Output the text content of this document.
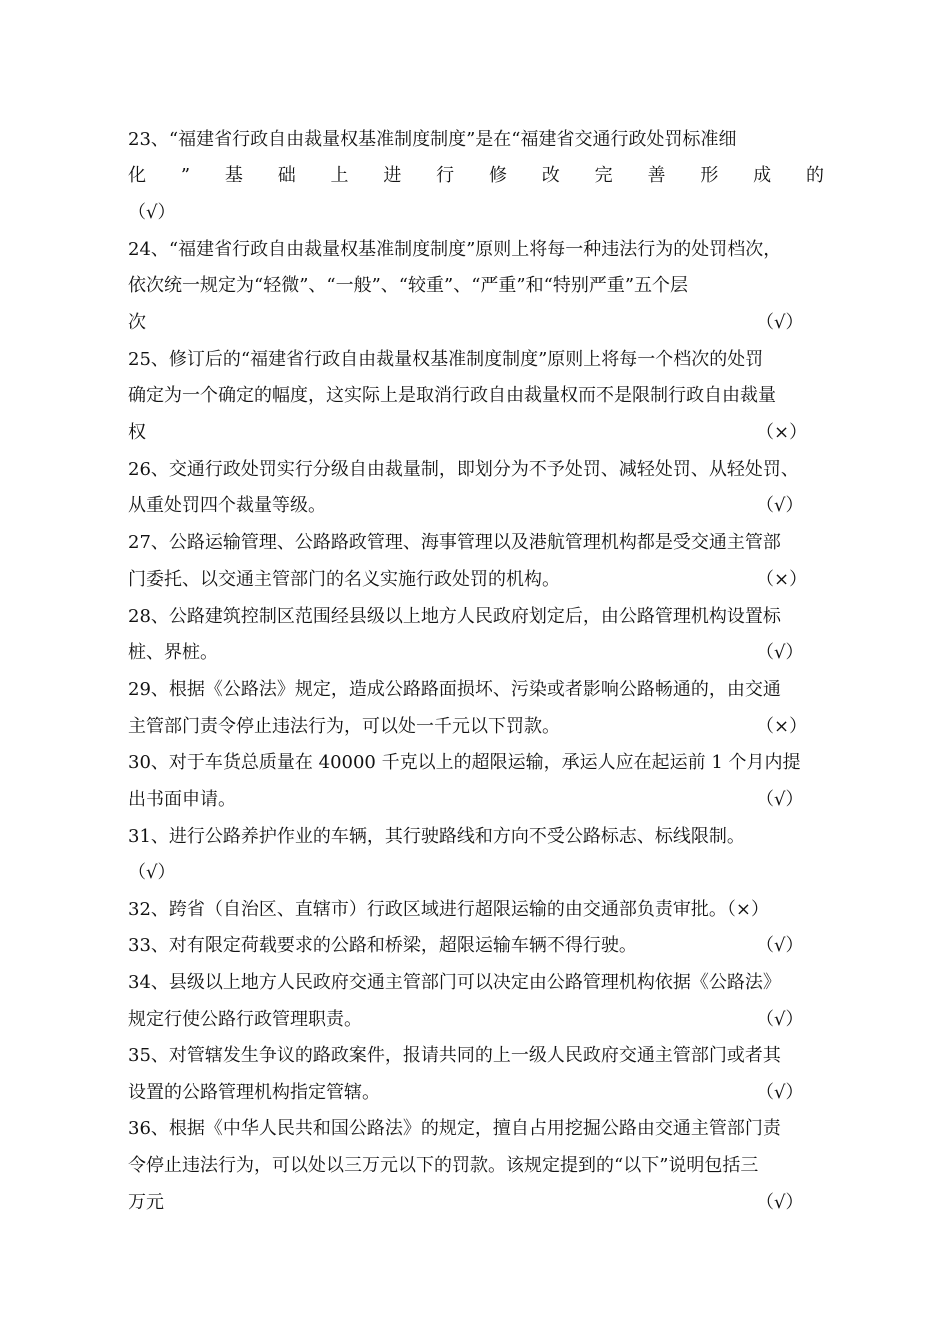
23、“福建省行政自由裁量权基准制度制度”是在“福建省交通行政处罚标准细
化 ” 基 础 上 进 行 修 改 完 善 形 成 的
（√）
24、“福建省行政自由裁量权基准制度制度”原则上将每一种违法行为的处罚档次，
依次统一规定为“轻微”、“一般”、“较重”、“严重”和“特别严重”五个层
次	（√）
25、修订后的“福建省行政自由裁量权基准制度制度”原则上将每一个档次的处罚
确定为一个确定的幅度，这实际上是取消行政自由裁量权而不是限制行政自由裁量
权	（×）
26、交通行政处罚实行分级自由裁量制，即划分为不予处罚、减轻处罚、从轻处罚、
从重处罚四个裁量等级。	（√）
27、公路运输管理、公路路政管理、海事管理以及港航管理机构都是受交通主管部
门委托、以交通主管部门的名义实施行政处罚的机构。	（×）
28、公路建筑控制区范围经县级以上地方人民政府划定后，由公路管理机构设置标
桩、界桩。	（√）
29、根据《公路法》规定，造成公路路面损坏、污染或者影响公路畅通的，由交通
主管部门责令停止违法行为，可以处一千元以下罚款。	（×）
30、对于车货总质量在 40000 千克以上的超限运输，承运人应在起运前 1 个月内提
出书面申请。	（√）
31、进行公路养护作业的车辆，其行驶路线和方向不受公路标志、标线限制。
（√）
32、跨省（自治区、直辖市）行政区域进行超限运输的由交通部负责审批。（×）
33、对有限定荷载要求的公路和桥梁，超限运输车辆不得行驶。	（√）
34、县级以上地方人民政府交通主管部门可以决定由公路管理机构依据《公路法》
规定行使公路行政管理职责。	（√）
35、对管辖发生争议的路政案件，报请共同的上一级人民政府交通主管部门或者其
设置的公路管理机构指定管辖。	（√）
36、根据《中华人民共和国公路法》的规定，擅自占用挖掘公路由交通主管部门责
令停止违法行为，可以处以三万元以下的罚款。该规定提到的“以下”说明包括三
万元	（√）
